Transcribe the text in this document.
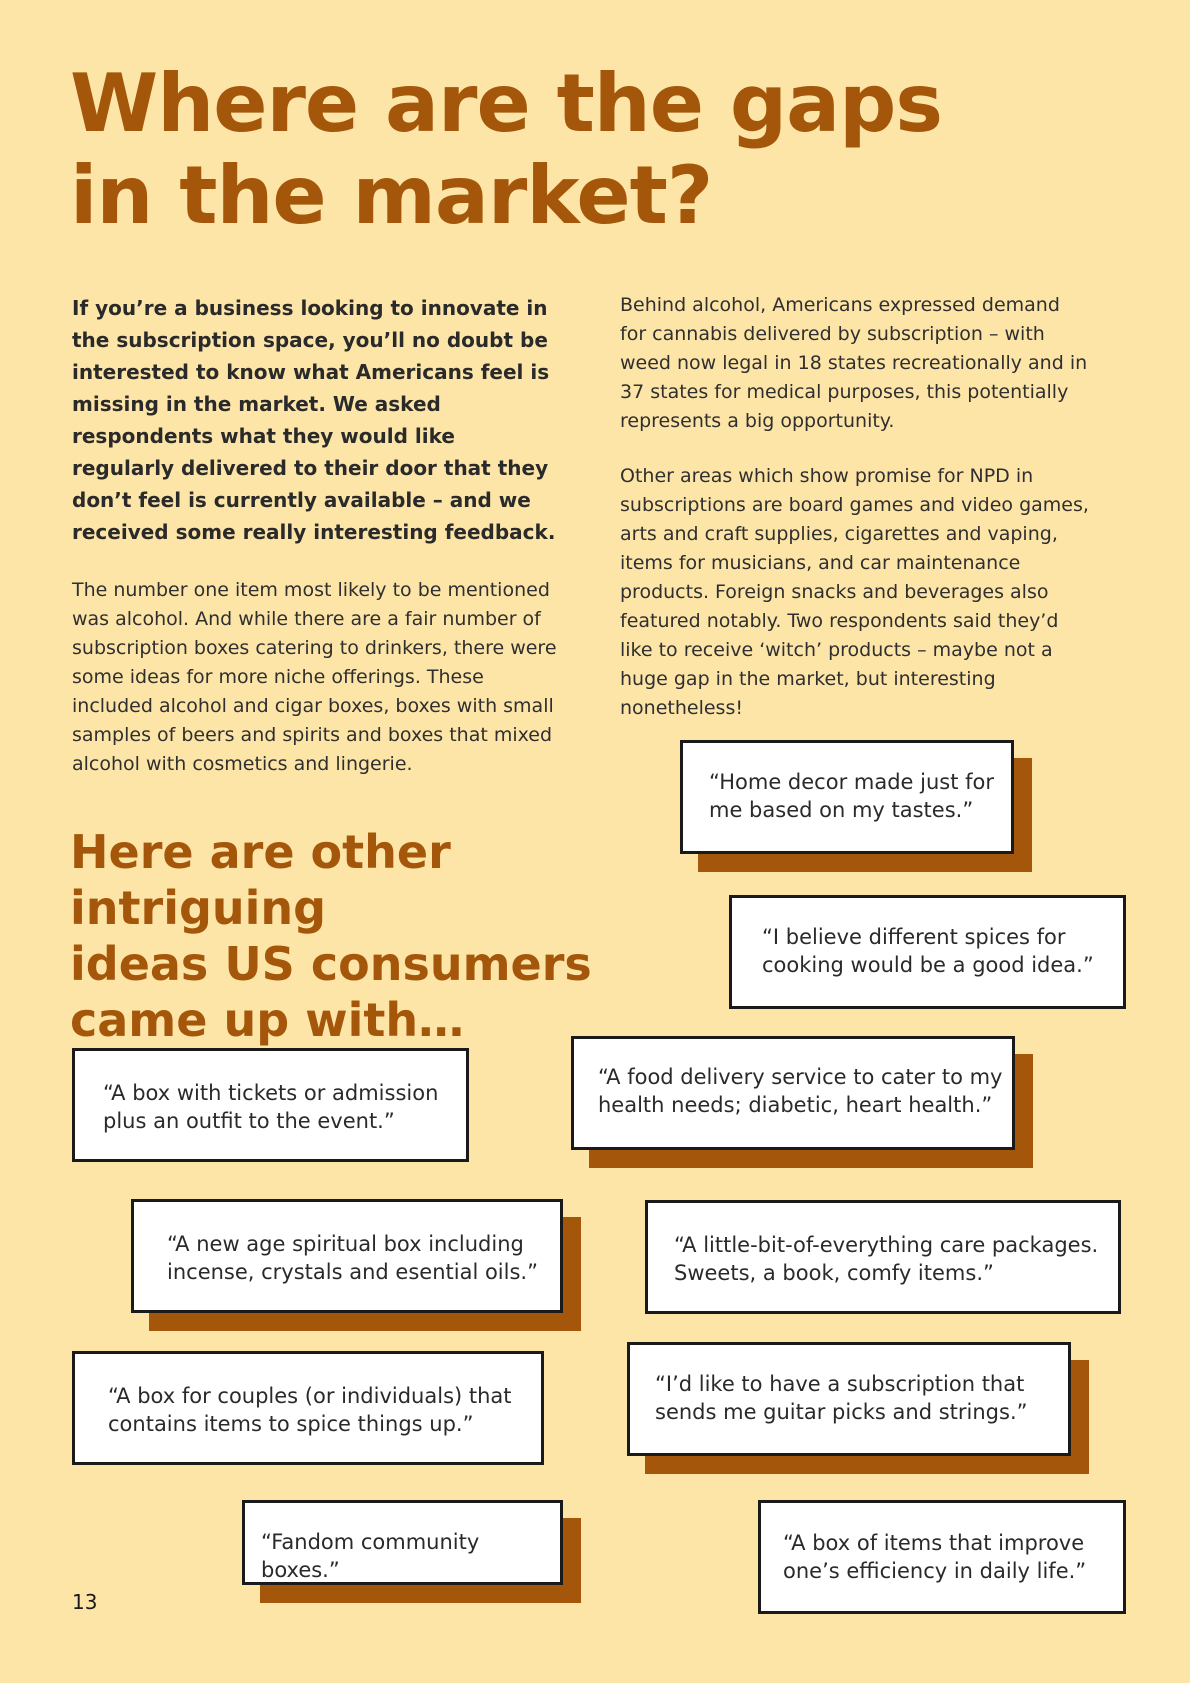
Where are the gaps
in the market?

If you’re a business looking to innovate in the subscription space, you’ll no doubt be interested to know what Americans feel is missing in the market. We asked respondents what they would like regularly delivered to their door that they don’t feel is currently available – and we received some really interesting feedback.

The number one item most likely to be mentioned was alcohol. And while there are a fair number of subscription boxes catering to drinkers, there were some ideas for more niche offerings. These included alcohol and cigar boxes, boxes with small samples of beers and spirits and boxes that mixed alcohol with cosmetics and lingerie.

Behind alcohol, Americans expressed demand for cannabis delivered by subscription – with weed now legal in 18 states recreationally and in 37 states for medical purposes, this potentially represents a big opportunity.

Other areas which show promise for NPD in subscriptions are board games and video games, arts and craft supplies, cigarettes and vaping, items for musicians, and car maintenance products. Foreign snacks and beverages also featured notably. Two respondents said they’d like to receive ‘witch’ products – maybe not a huge gap in the market, but interesting nonetheless!

Here are other intriguing
ideas US consumers
came up with…
“Home decor made just for
me based on my tastes.”
“I believe different spices for
cooking would be a good idea.”
“A food delivery service to cater to my
health needs; diabetic, heart health.”
“A box with tickets or admission
plus an outfit to the event.”
“A new age spiritual box including
incense, crystals and esential oils.”
“A little-bit-of-everything care packages.
Sweets, a book, comfy items.”
“A box for couples (or individuals) that
contains items to spice things up.”
“I’d like to have a subscription that
sends me guitar picks and strings.”
“Fandom community boxes.”
“A box of items that improve
one’s efficiency in daily life.”
13
